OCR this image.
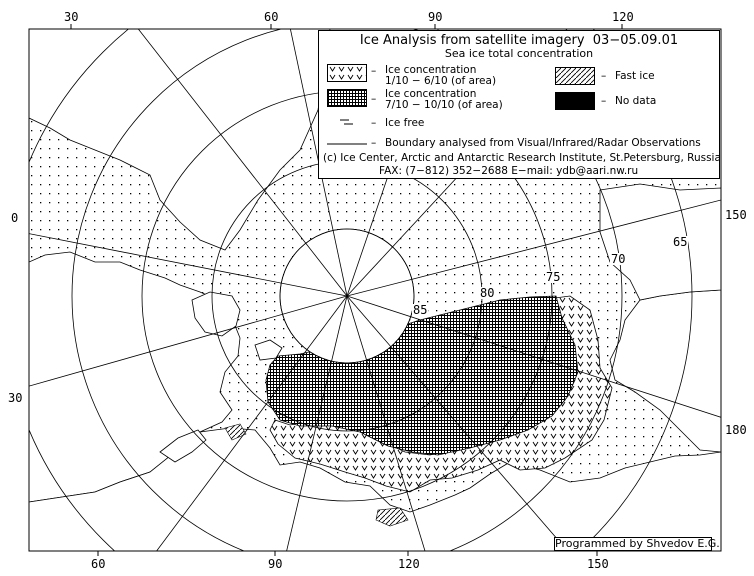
30	60	90	120
60	90	120	150
0
30
150
180
65
70
75
80
85
Ice Analysis from satellite imagery 03−05.09.01
Sea ice total concentration
– Ice concentration
1/10 − 6/10 (of area)
– Ice concentration
7/10 − 10/10 (of area)
– Ice free
– Fast ice
– No data
– Boundary analysed from Visual/Infrared/Radar Observations
(c) Ice Center, Arctic and Antarctic Research Institute, St.Petersburg, Russia
FAX: (7−812) 352−2688 E−mail: ydb@aari.nw.ru
Programmed by Shvedov E.G.
